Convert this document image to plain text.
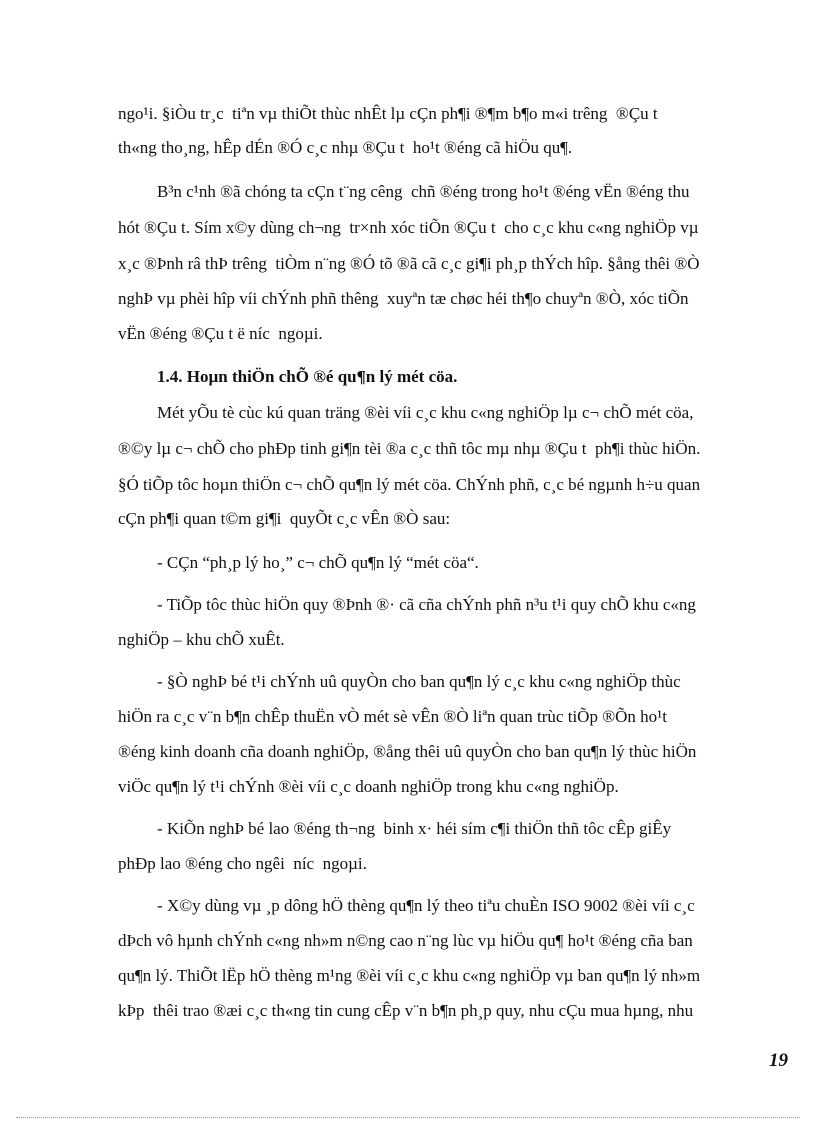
ngo¹i. §iÒu tr¸c  tiªn vµ thiÕt thùc nhÊt lµ cÇn ph¶i ®¶m b¶o m«i trêng  ®Çu t

th«ng tho¸ng, hÊp dÉn ®Ó c¸c nhµ ®Çu t  ho¹t ®éng cã hiÖu qu¶.

B³n c¹nh ®ã chóng ta cÇn t¨ng cêng  chñ ®éng trong ho¹t ®éng vËn ®éng thu

hót ®Çu t. Sím x©y dùng ch¬ng  tr×nh xóc tiÕn ®Çu t  cho c¸c khu c«ng nghiÖp vµ

x¸c ®Þnh râ thÞ trêng  tiÒm n¨ng ®Ó tõ ®ã cã c¸c gi¶i ph¸p thÝch hîp. §ång thêi ®Ò

nghÞ vµ phèi hîp víi chÝnh phñ thêng  xuyªn tæ chøc héi th¶o chuyªn ®Ò, xóc tiÕn

vËn ®éng ®Çu t ë níc  ngoµi.

1.4. Hoµn thiÖn chÕ ®é qu¶n lý mét cöa.

Mét yÕu tè cùc kú quan träng ®èi víi c¸c khu c«ng nghiÖp lµ c¬ chÕ mét cöa,

®©y lµ c¬ chÕ cho phÐp tinh gi¶n tèi ®a c¸c thñ tôc mµ nhµ ®Çu t  ph¶i thùc hiÖn.

§Ó tiÕp tôc hoµn thiÖn c¬ chÕ qu¶n lý mét cöa. ChÝnh phñ, c¸c bé ngµnh h÷u quan

cÇn ph¶i quan t©m gi¶i  quyÕt c¸c vÊn ®Ò sau:

- CÇn “ph¸p lý ho¸” c¬ chÕ qu¶n lý “mét cöa“.

- TiÕp tôc thùc hiÖn quy ®Þnh ®· cã cña chÝnh phñ n³u t¹i quy chÕ khu c«ng

nghiÖp – khu chÕ xuÊt.

- §Ò nghÞ bé t¹i chÝnh uû quyÒn cho ban qu¶n lý c¸c khu c«ng nghiÖp thùc

hiÖn ra c¸c v¨n b¶n chÊp thuËn vÒ mét sè vÊn ®Ò liªn quan trùc tiÕp ®Õn ho¹t

®éng kinh doanh cña doanh nghiÖp, ®ång thêi uû quyÒn cho ban qu¶n lý thùc hiÖn

viÖc qu¶n lý t¹i chÝnh ®èi víi c¸c doanh nghiÖp trong khu c«ng nghiÖp.

- KiÕn nghÞ bé lao ®éng th¬ng  binh x· héi sím c¶i thiÖn thñ tôc cÊp giÊy

phÐp lao ®éng cho ngêi  níc  ngoµi.

- X©y dùng vµ ¸p dông hÖ thèng qu¶n lý theo tiªu chuÈn ISO 9002 ®èi víi c¸c

dÞch vô hµnh chÝnh c«ng nh»m n©ng cao n¨ng lùc vµ hiÖu qu¶ ho¹t ®éng cña ban

qu¶n lý. ThiÕt lËp hÖ thèng m¹ng ®èi víi c¸c khu c«ng nghiÖp vµ ban qu¶n lý nh»m

kÞp  thêi trao ®æi c¸c th«ng tin cung cÊp v¨n b¶n ph¸p quy, nhu cÇu mua hµng, nhu

19
